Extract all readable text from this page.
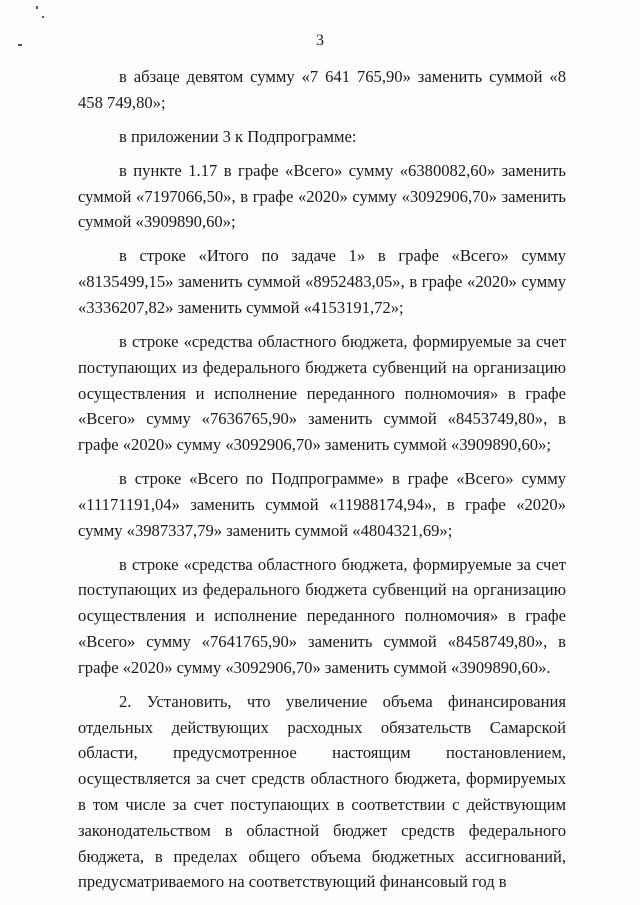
3

в абзаце девятом сумму «7 641 765,90» заменить суммой «8 458 749,80»;

в приложении 3 к Подпрограмме:

в пункте 1.17 в графе «Всего» сумму «6380082,60» заменить суммой «7197066,50», в графе «2020» сумму «3092906,70» заменить суммой «3909890,60»;

в строке «Итого по задаче 1» в графе «Всего» сумму «8135499,15» заменить суммой «8952483,05», в графе «2020» сумму «3336207,82» заменить суммой «4153191,72»;

в строке «средства областного бюджета, формируемые за счет поступающих из федерального бюджета субвенций на организацию осуществления и исполнение переданного полномочия» в графе «Всего» сумму «7636765,90» заменить суммой «8453749,80», в графе «2020» сумму «3092906,70» заменить суммой «3909890,60»;

в строке «Всего по Подпрограмме» в графе «Всего» сумму «11171191,04» заменить суммой «11988174,94», в графе «2020» сумму «3987337,79» заменить суммой «4804321,69»;

в строке «средства областного бюджета, формируемые за счет поступающих из федерального бюджета субвенций на организацию осуществления и исполнение переданного полномочия» в графе «Всего» сумму «7641765,90» заменить суммой «8458749,80», в графе «2020» сумму «3092906,70» заменить суммой «3909890,60».

2. Установить, что увеличение объема финансирования отдельных действующих расходных обязательств Самарской области, предусмотренное настоящим постановлением, осуществляется за счет средств областного бюджета, формируемых в том числе за счет поступающих в соответствии с действующим законодательством в областной бюджет средств федерального бюджета, в пределах общего объема бюджетных ассигнований, предусматриваемого на соответствующий финансовый год в
